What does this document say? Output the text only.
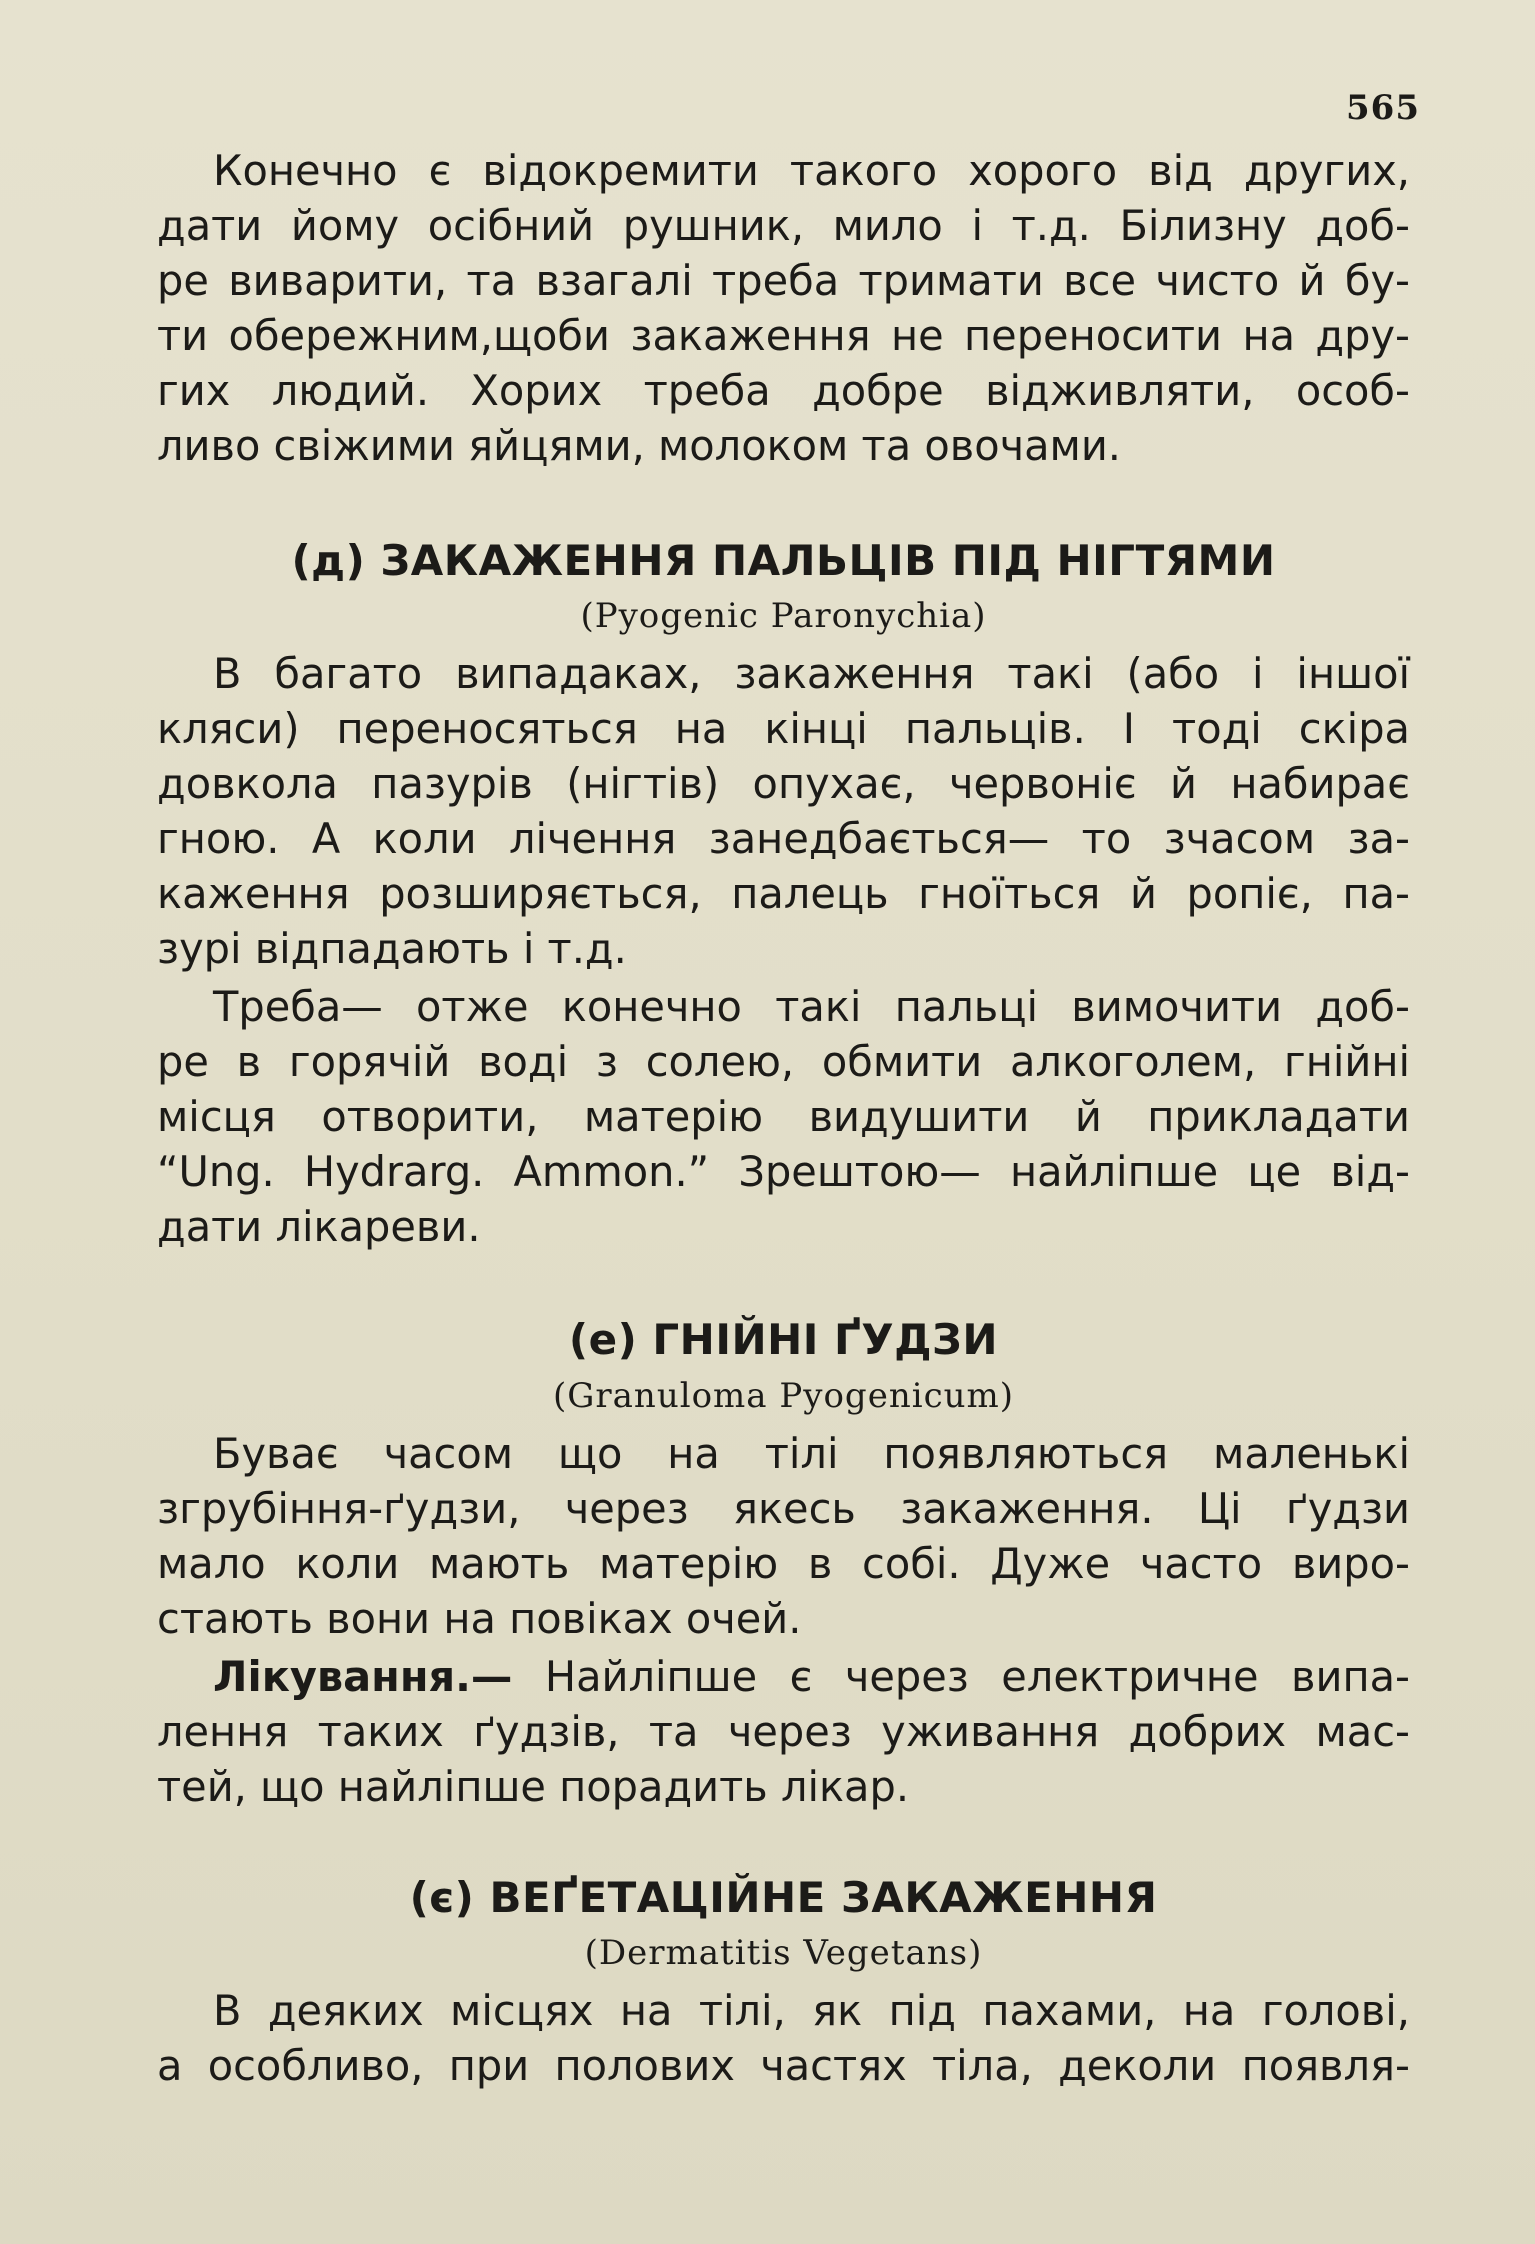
565
Конечно є відокремити такого хорого від других,
дати йому осібний рушник, мило і т.д. Білизну доб-
ре виварити, та взагалі треба тримати все чисто й бу-
ти обережним,щоби закаження не переносити на дру-
гих людий. Хорих треба добре відживляти, особ-
ливо свіжими яйцями, молоком та овочами.
(д) ЗАКАЖЕННЯ ПАЛЬЦІВ ПІД НІГТЯМИ
(Pyogenic Paronychia)
В багато випадаках, закаження такі (або і іншої
кляси) переносяться на кінці пальців. І тоді скіра
довкола пазурів (нігтів) опухає, червоніє й набирає
гною. А коли лічення занедбається— то зчасом за-
каження розширяється, палець гноїться й ропіє, па-
зурі відпадають і т.д.
Треба— отже конечно такі пальці вимочити доб-
ре в горячій воді з солею, обмити алкоголем, гнійні
місця отворити, матерію видушити й прикладати
“Ung. Hydrarg. Ammon.” Зрештою— найліпше це від-
дати лікареви.
(е) ГНІЙНІ ҐУДЗИ
(Granuloma Pyogenicum)
Буває часом що на тілі появляються маленькі
згрубіння-ґудзи, через якесь закаження. Ці ґудзи
мало коли мають матерію в собі. Дуже часто виро-
стають вони на повіках очей.
Лікування.— Найліпше є через електричне випа-
лення таких ґудзів, та через уживання добрих мас-
тей, що найліпше порадить лікар.
(є) ВЕҐЕТАЦІЙНЕ ЗАКАЖЕННЯ
(Dermatitis Vegetans)
В деяких місцях на тілі, як під пахами, на голові,
а особливо, при полових частях тіла, деколи появля-
